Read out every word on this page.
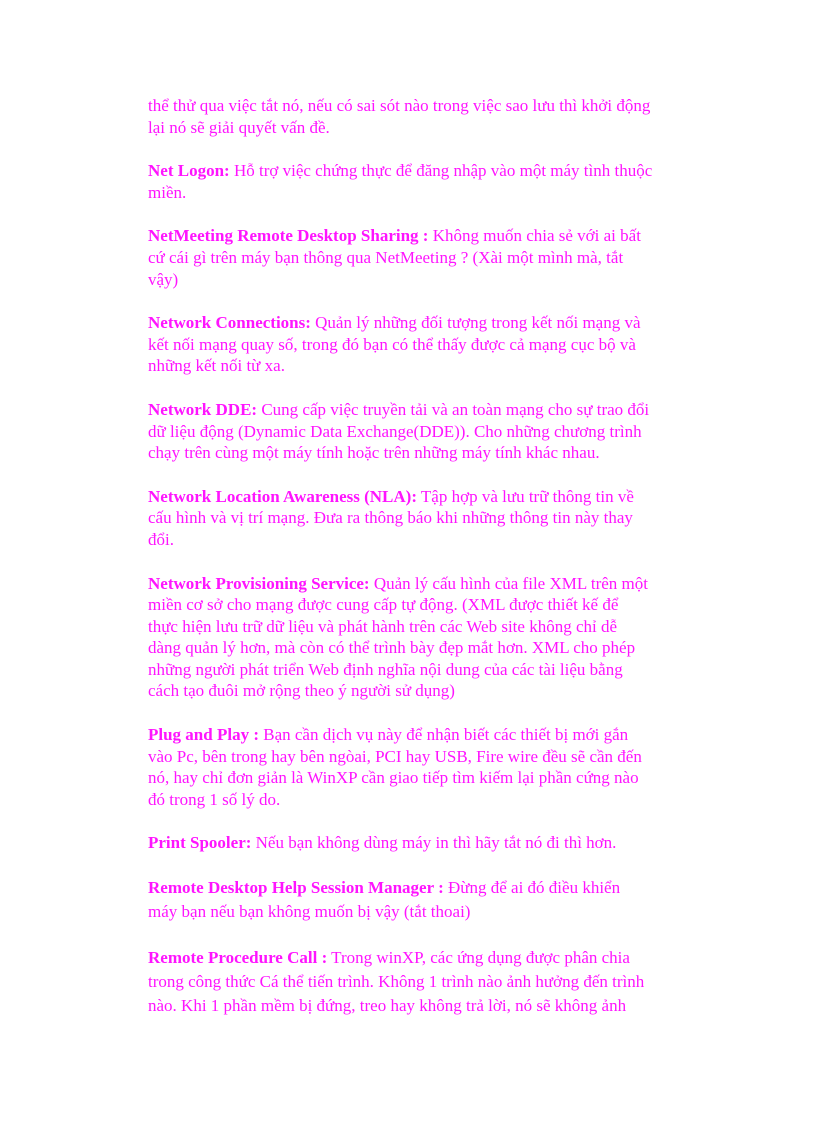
thể thử qua việc tắt nó, nếu có sai sót nào trong việc sao lưu thì khởi động
lại nó sẽ giải quyết vấn đề.

Net Logon: Hỗ trợ việc chứng thực để đăng nhập vào một máy tình thuộc
miền.

NetMeeting Remote Desktop Sharing : Không muốn chia sẻ với ai bất
cứ cái gì trên máy bạn thông qua NetMeeting ? (Xài một mình mà, tắt
vậy)

Network Connections: Quản lý những đối tượng trong kết nối mạng và
kết nối mạng quay số, trong đó bạn có thể thấy được cả mạng cục bộ và
những kết nối từ xa.

Network DDE: Cung cấp việc truyền tải và an toàn mạng cho sự trao đổi
dữ liệu động (Dynamic Data Exchange(DDE)). Cho những chương trình
chạy trên cùng một máy tính hoặc trên những máy tính khác nhau.

Network Location Awareness (NLA): Tập hợp và lưu trữ thông tin về
cấu hình và vị trí mạng. Đưa ra thông báo khi những thông tin này thay
đổi.

Network Provisioning Service: Quản lý cấu hình của file XML trên một
miền cơ sở cho mạng được cung cấp tự động. (XML được thiết kế để
thực hiện lưu trữ dữ liệu và phát hành trên các Web site không chỉ dễ
dàng quản lý hơn, mà còn có thể trình bày đẹp mắt hơn. XML cho phép
những người phát triển Web định nghĩa nội dung của các tài liệu bằng
cách tạo đuôi mở rộng theo ý người sử dụng)

Plug and Play : Bạn cần dịch vụ này để nhận biết các thiết bị mới gắn
vào Pc, bên trong hay bên ngòai, PCI hay USB, Fire wire đều sẽ cần đến
nó, hay chỉ đơn giản là WinXP cần giao tiếp tìm kiếm lại phần cứng nào
đó trong 1 số lý do.

Print Spooler: Nếu bạn không dùng máy in thì hãy tắt nó đi thì hơn.

Remote Desktop Help Session Manager : Đừng để ai đó điều khiển
máy bạn nếu bạn không muốn bị vậy (tắt thoai)

Remote Procedure Call : Trong winXP, các ứng dụng được phân chia
trong công thức Cá thể tiến trình. Không 1 trình nào ảnh hưởng đến trình
nào. Khi 1 phần mềm bị đứng, treo hay không trả lời, nó sẽ không ảnh
